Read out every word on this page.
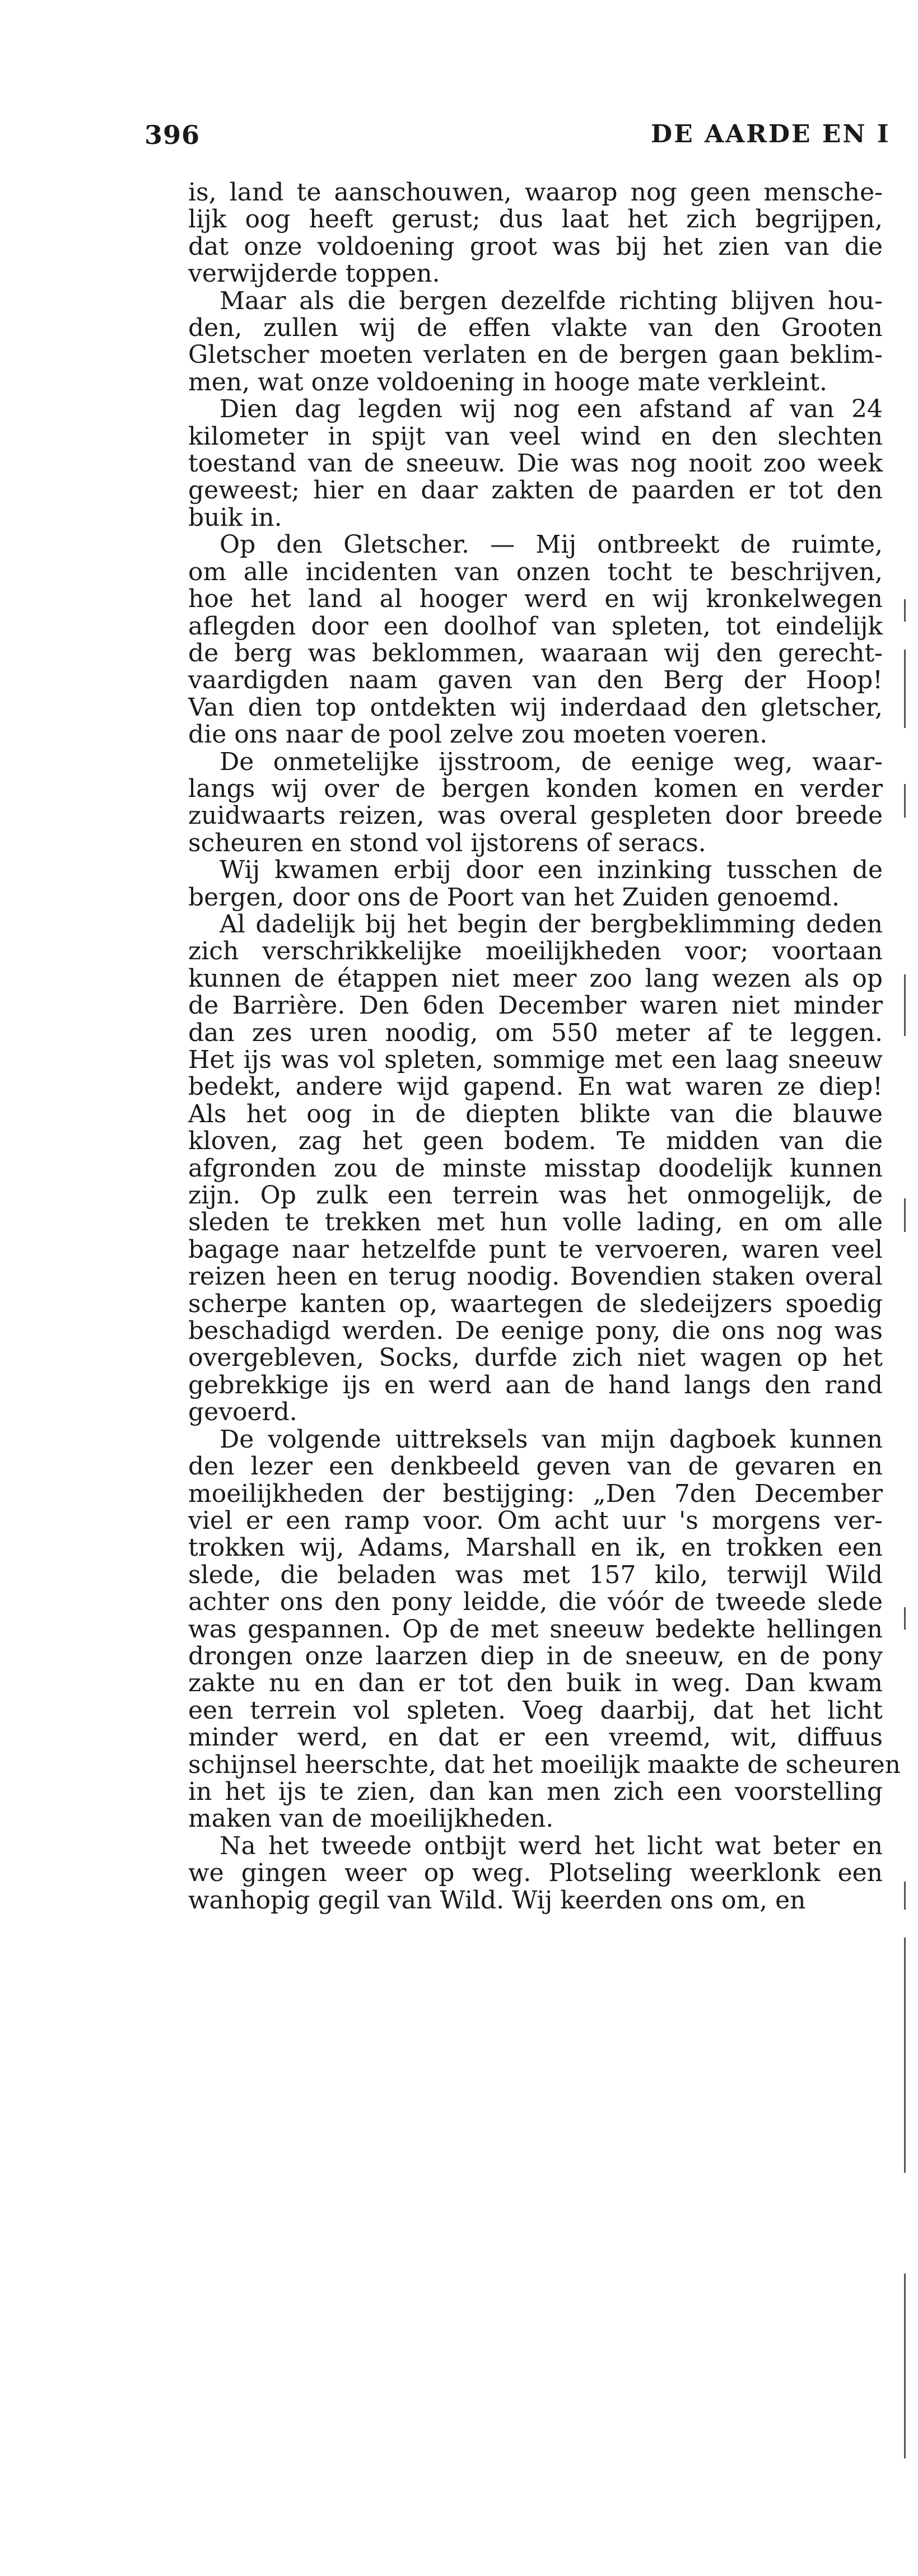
396	DE AARDE EN I

is, land te aanschouwen, waarop nog geen mensche-
lijk oog heeft gerust; dus laat het zich begrijpen,
dat onze voldoening groot was bij het zien van die
verwijderde toppen.

Maar als die bergen dezelfde richting blijven hou-
den, zullen wij de effen vlakte van den Grooten
Gletscher moeten verlaten en de bergen gaan beklim-
men, wat onze voldoening in hooge mate verkleint.

Dien dag legden wij nog een afstand af van 24
kilometer in spijt van veel wind en den slechten
toestand van de sneeuw. Die was nog nooit zoo week
geweest; hier en daar zakten de paarden er tot den
buik in.

Op den Gletscher. — Mij ontbreekt de ruimte,
om alle incidenten van onzen tocht te beschrijven,
hoe het land al hooger werd en wij kronkelwegen
aflegden door een doolhof van spleten, tot eindelijk
de berg was beklommen, waaraan wij den gerecht-
vaardigden naam gaven van den Berg der Hoop!
Van dien top ontdekten wij inderdaad den gletscher,
die ons naar de pool zelve zou moeten voeren.

De onmetelijke ijsstroom, de eenige weg, waar-
langs wij over de bergen konden komen en verder
zuidwaarts reizen, was overal gespleten door breede
scheuren en stond vol ijstorens of seracs.

Wij kwamen erbij door een inzinking tusschen de
bergen, door ons de Poort van het Zuiden genoemd.

Al dadelijk bij het begin der bergbeklimming deden
zich verschrikkelijke moeilijkheden voor; voortaan
kunnen de étappen niet meer zoo lang wezen als op
de Barrière. Den 6den December waren niet minder
dan zes uren noodig, om 550 meter af te leggen.
Het ijs was vol spleten, sommige met een laag sneeuw
bedekt, andere wijd gapend. En wat waren ze diep!
Als het oog in de diepten blikte van die blauwe
kloven, zag het geen bodem. Te midden van die
afgronden zou de minste misstap doodelijk kunnen
zijn. Op zulk een terrein was het onmogelijk, de
sleden te trekken met hun volle lading, en om alle
bagage naar hetzelfde punt te vervoeren, waren veel
reizen heen en terug noodig. Bovendien staken overal
scherpe kanten op, waartegen de sledeijzers spoedig
beschadigd werden. De eenige pony, die ons nog was
overgebleven, Socks, durfde zich niet wagen op het
gebrekkige ijs en werd aan de hand langs den rand
gevoerd.

De volgende uittreksels van mijn dagboek kunnen
den lezer een denkbeeld geven van de gevaren en
moeilijkheden der bestijging: „Den 7den December
viel er een ramp voor. Om acht uur 's morgens ver-
trokken wij, Adams, Marshall en ik, en trokken een
slede, die beladen was met 157 kilo, terwijl Wild
achter ons den pony leidde, die vóór de tweede slede
was gespannen. Op de met sneeuw bedekte hellingen
drongen onze laarzen diep in de sneeuw, en de pony
zakte nu en dan er tot den buik in weg. Dan kwam
een terrein vol spleten. Voeg daarbij, dat het licht
minder werd, en dat er een vreemd, wit, diffuus
schijnsel heerschte, dat het moeilijk maakte de scheuren
in het ijs te zien, dan kan men zich een voorstelling
maken van de moeilijkheden.

Na het tweede ontbijt werd het licht wat beter en
we gingen weer op weg. Plotseling weerklonk een
wanhopig gegil van Wild. Wij keerden ons om, en
